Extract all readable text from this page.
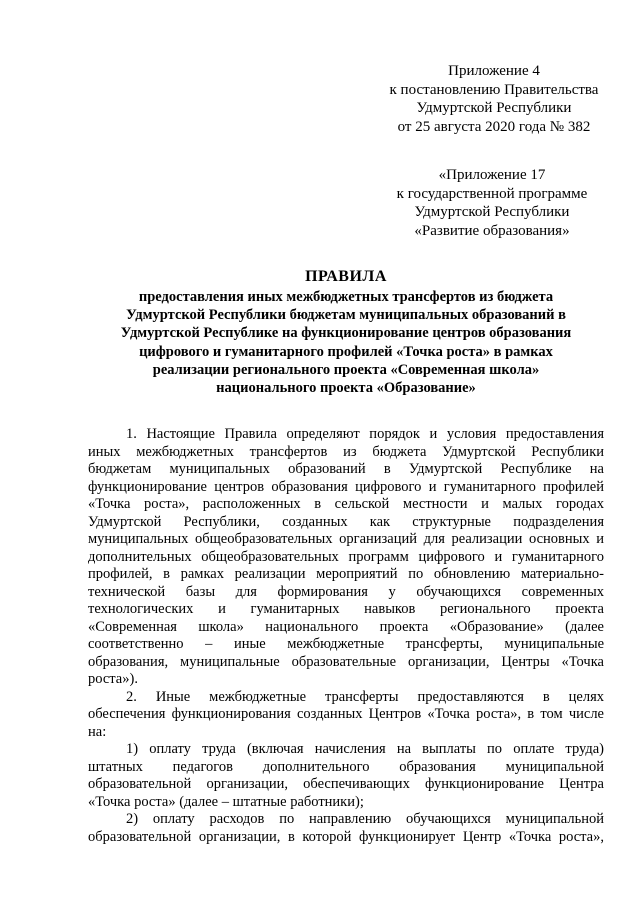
Приложение 4
к постановлению Правительства
Удмуртской Республики
от 25 августа 2020 года № 382
«Приложение 17
к государственной программе
Удмуртской Республики
«Развитие образования»
ПРАВИЛА
предоставления иных межбюджетных трансфертов из бюджета
Удмуртской Республики бюджетам муниципальных образований в
Удмуртской Республике на функционирование центров образования
цифрового и гуманитарного профилей «Точка роста» в рамках
реализации регионального проекта «Современная школа»
национального проекта «Образование»
1. Настоящие Правила определяют порядок и условия предоставления
иных межбюджетных трансфертов из бюджета Удмуртской Республики
бюджетам муниципальных образований в Удмуртской Республике на
функционирование центров образования цифрового и гуманитарного профилей
«Точка роста», расположенных в сельской местности и малых городах
Удмуртской Республики, созданных как структурные подразделения
муниципальных общеобразовательных организаций для реализации основных и
дополнительных общеобразовательных программ цифрового и гуманитарного
профилей, в рамках реализации мероприятий по обновлению материально-
технической базы для формирования у обучающихся современных
технологических и гуманитарных навыков регионального проекта
«Современная школа» национального проекта «Образование» (далее
соответственно – иные межбюджетные трансферты, муниципальные
образования, муниципальные образовательные организации, Центры «Точка
роста»).
2. Иные межбюджетные трансферты предоставляются в целях
обеспечения функционирования созданных Центров «Точка роста», в том числе
на:
1) оплату труда (включая начисления на выплаты по оплате труда)
штатных педагогов дополнительного образования муниципальной
образовательной организации, обеспечивающих функционирование Центра
«Точка роста» (далее – штатные работники);
2) оплату расходов по направлению обучающихся муниципальной
образовательной организации, в которой функционирует Центр «Точка роста»,
